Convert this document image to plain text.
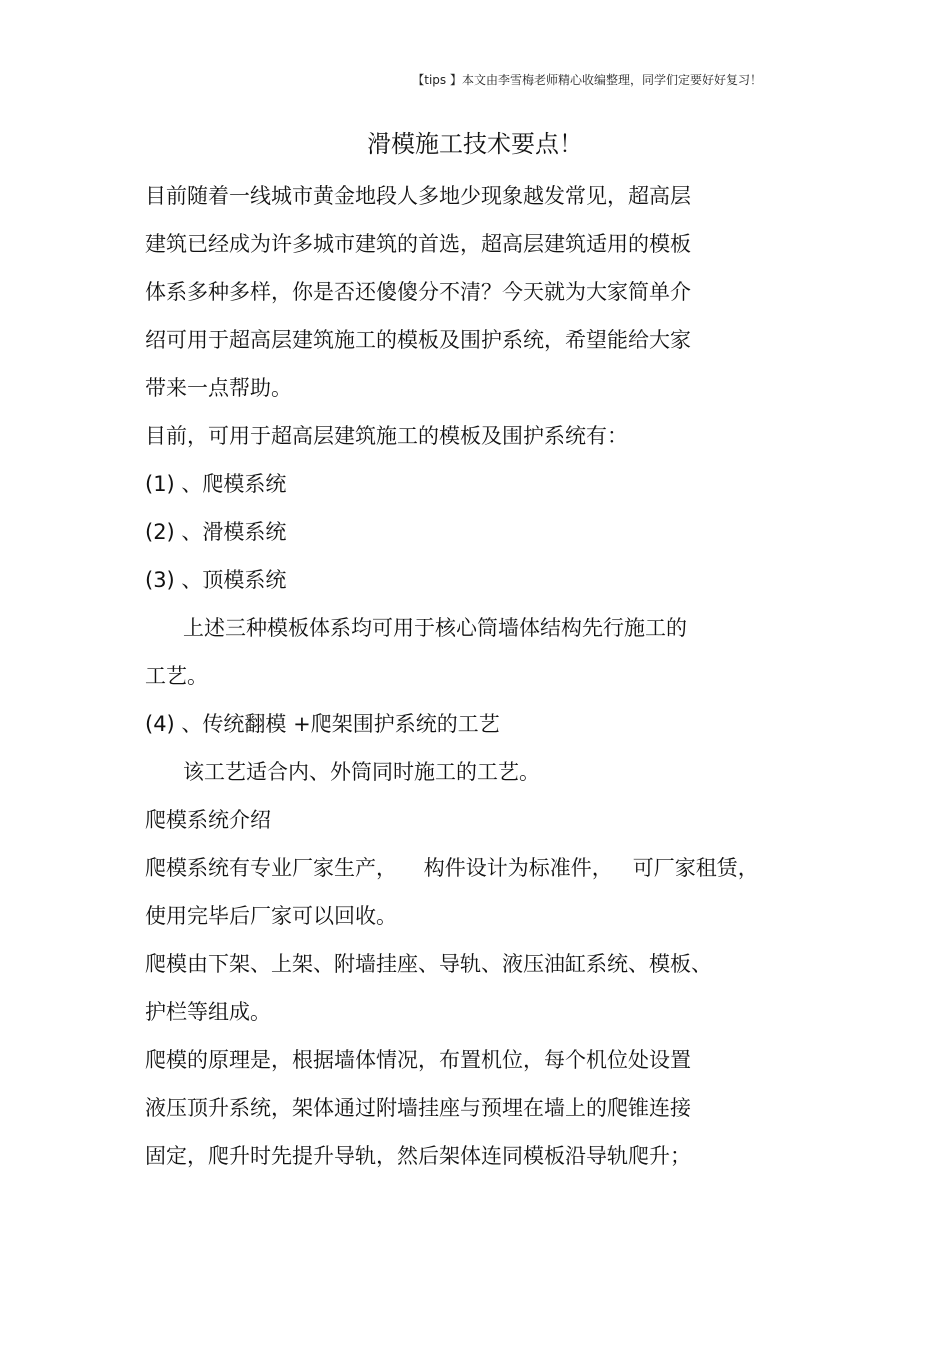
【tips 】本文由李雪梅老师精心收编整理，同学们定要好好复习！
滑模施工技术要点！
目前随着一线城市黄金地段人多地少现象越发常见，超高层
建筑已经成为许多城市建筑的首选，超高层建筑适用的模板
体系多种多样，你是否还傻傻分不清？今天就为大家简单介
绍可用于超高层建筑施工的模板及围护系统，希望能给大家
带来一点帮助。
目前，可用于超高层建筑施工的模板及围护系统有：
(1) 、爬模系统
(2) 、滑模系统
(3) 、顶模系统
上述三种模板体系均可用于核心筒墙体结构先行施工的
工艺。
(4) 、传统翻模 +爬架围护系统的工艺
该工艺适合内、外筒同时施工的工艺。
爬模系统介绍
爬模系统有专业厂家生产，    构件设计为标准件，   可厂家租赁，
使用完毕后厂家可以回收。
爬模由下架、上架、附墙挂座、导轨、液压油缸系统、模板、
护栏等组成。
爬模的原理是，根据墙体情况，布置机位，每个机位处设置
液压顶升系统，架体通过附墙挂座与预埋在墙上的爬锥连接
固定，爬升时先提升导轨，然后架体连同模板沿导轨爬升；
